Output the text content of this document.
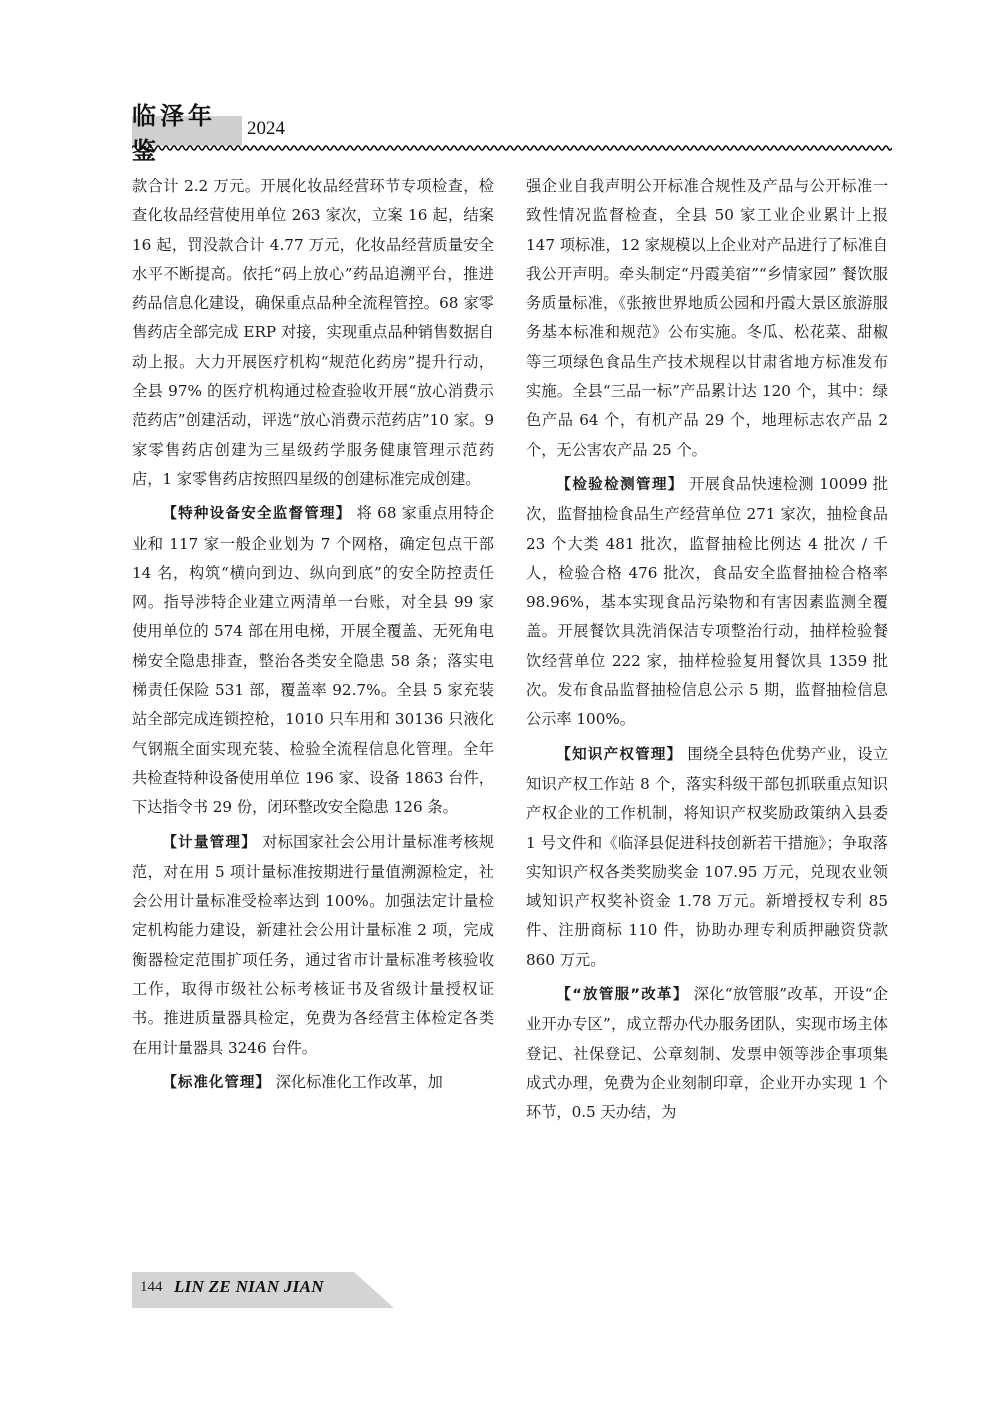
临泽年鉴
2024

款合计 2.2 万元。开展化妆品经营环节专项检查，检查化妆品经营使用单位 263 家次，立案 16 起，结案 16 起，罚没款合计 4.77 万元，化妆品经营质量安全水平不断提高。依托“码上放心”药品追溯平台，推进药品信息化建设，确保重点品种全流程管控。68 家零售药店全部完成 ERP 对接，实现重点品种销售数据自动上报。大力开展医疗机构“规范化药房”提升行动，全县 97% 的医疗机构通过检查验收开展“放心消费示范药店”创建活动，评选“放心消费示范药店”10 家。9 家零售药店创建为三星级药学服务健康管理示范药店，1 家零售药店按照四星级的创建标准完成创建。

【特种设备安全监督管理】 将 68 家重点用特企业和 117 家一般企业划为 7 个网格，确定包点干部 14 名，构筑“横向到边、纵向到底”的安全防控责任网。指导涉特企业建立两清单一台账，对全县 99 家使用单位的 574 部在用电梯，开展全覆盖、无死角电梯安全隐患排查，整治各类安全隐患 58 条；落实电梯责任保险 531 部，覆盖率 92.7%。全县 5 家充装站全部完成连锁控枪，1010 只车用和 30136 只液化气钢瓶全面实现充装、检验全流程信息化管理。全年共检查特种设备使用单位 196 家、设备 1863 台件，下达指令书 29 份，闭环整改安全隐患 126 条。

【计量管理】 对标国家社会公用计量标准考核规范，对在用 5 项计量标准按期进行量值溯源检定，社会公用计量标准受检率达到 100%。加强法定计量检定机构能力建设，新建社会公用计量标准 2 项，完成衡器检定范围扩项任务，通过省市计量标准考核验收工作，取得市级社公标考核证书及省级计量授权证书。推进质量器具检定，免费为各经营主体检定各类在用计量器具 3246 台件。

【标准化管理】 深化标准化工作改革，加

强企业自我声明公开标准合规性及产品与公开标准一致性情况监督检查，全县 50 家工业企业累计上报 147 项标准，12 家规模以上企业对产品进行了标准自我公开声明。牵头制定“丹霞美宿”“乡情家园” 餐饮服务质量标准，《张掖世界地质公园和丹霞大景区旅游服务基本标准和规范》公布实施。冬瓜、松花菜、甜椒等三项绿色食品生产技术规程以甘肃省地方标准发布实施。全县“三品一标”产品累计达 120 个，其中：绿色产品 64 个，有机产品 29 个，地理标志农产品 2 个，无公害农产品 25 个。

【检验检测管理】 开展食品快速检测 10099 批次，监督抽检食品生产经营单位 271 家次，抽检食品 23 个大类 481 批次，监督抽检比例达 4 批次 / 千人，检验合格 476 批次，食品安全监督抽检合格率 98.96%，基本实现食品污染物和有害因素监测全覆盖。开展餐饮具洗消保洁专项整治行动，抽样检验餐饮经营单位 222 家，抽样检验复用餐饮具 1359 批次。发布食品监督抽检信息公示 5 期，监督抽检信息公示率 100%。

【知识产权管理】 围绕全县特色优势产业，设立知识产权工作站 8 个，落实科级干部包抓联重点知识产权企业的工作机制，将知识产权奖励政策纳入县委 1 号文件和《临泽县促进科技创新若干措施》；争取落实知识产权各类奖励奖金 107.95 万元，兑现农业领域知识产权奖补资金 1.78 万元。新增授权专利 85 件、注册商标 110 件，协助办理专利质押融资贷款 860 万元。

【“放管服”改革】 深化“放管服”改革，开设“企业开办专区”，成立帮办代办服务团队，实现市场主体登记、社保登记、公章刻制、发票申领等涉企事项集成式办理，免费为企业刻制印章，企业开办实现 1 个环节，0.5 天办结，为

144 LIN ZE NIAN JIAN
